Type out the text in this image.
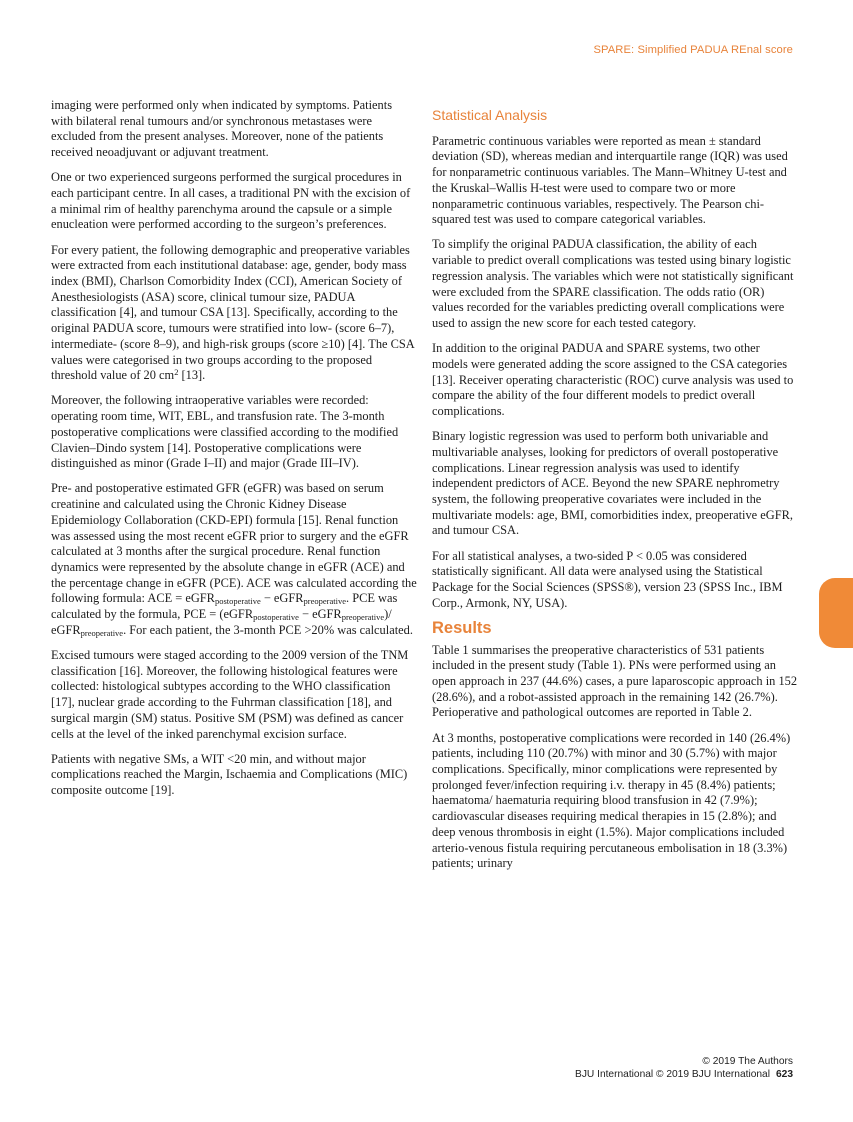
SPARE: Simplified PADUA REnal score

imaging were performed only when indicated by symptoms. Patients with bilateral renal tumours and/or synchronous metastases were excluded from the present analyses. Moreover, none of the patients received neoadjuvant or adjuvant treatment.

One or two experienced surgeons performed the surgical procedures in each participant centre. In all cases, a traditional PN with the excision of a minimal rim of healthy parenchyma around the capsule or a simple enucleation were performed according to the surgeon’s preferences.

For every patient, the following demographic and preoperative variables were extracted from each institutional database: age, gender, body mass index (BMI), Charlson Comorbidity Index (CCI), American Society of Anesthesiologists (ASA) score, clinical tumour size, PADUA classification [4], and tumour CSA [13]. Specifically, according to the original PADUA score, tumours were stratified into low- (score 6–7), intermediate- (score 8–9), and high-risk groups (score ≥10) [4]. The CSA values were categorised in two groups according to the proposed threshold value of 20 $cm^2$ [13].

Moreover, the following intraoperative variables were recorded: operating room time, WIT, EBL, and transfusion rate. The 3-month postoperative complications were classified according to the modified Clavien–Dindo system [14]. Postoperative complications were distinguished as minor (Grade I–II) and major (Grade III–IV).

Pre- and postoperative estimated GFR (eGFR) was based on serum creatinine and calculated using the Chronic Kidney Disease Epidemiology Collaboration (CKD-EPI) formula [15]. Renal function was assessed using the most recent eGFR prior to surgery and the eGFR calculated at 3 months after the surgical procedure. Renal function dynamics were represented by the absolute change in eGFR (ACE) and the percentage change in eGFR (PCE). ACE was calculated according the following formula: ACE = eGFR$_{postoperative}$ − eGFR$_{preoperative}$. PCE was calculated by the formula, PCE = (eGFR$_{postoperative}$ − eGFR$_{preoperative}$)/ eGFR$_{preoperative}$. For each patient, the 3-month PCE >20% was calculated.

Excised tumours were staged according to the 2009 version of the TNM classification [16]. Moreover, the following histological features were collected: histological subtypes according to the WHO classification [17], nuclear grade according to the Fuhrman classification [18], and surgical margin (SM) status. Positive SM (PSM) was defined as cancer cells at the level of the inked parenchymal excision surface.

Patients with negative SMs, a WIT <20 min, and without major complications reached the Margin, Ischaemia and Complications (MIC) composite outcome [19].

Statistical Analysis

Parametric continuous variables were reported as mean ± standard deviation (SD), whereas median and interquartile range (IQR) was used for nonparametric continuous variables. The Mann–Whitney U-test and the Kruskal–Wallis H-test were used to compare two or more nonparametric continuous variables, respectively. The Pearson chi-squared test was used to compare categorical variables.

To simplify the original PADUA classification, the ability of each variable to predict overall complications was tested using binary logistic regression analysis. The variables which were not statistically significant were excluded from the SPARE classification. The odds ratio (OR) values recorded for the variables predicting overall complications were used to assign the new score for each tested category.

In addition to the original PADUA and SPARE systems, two other models were generated adding the score assigned to the CSA categories [13]. Receiver operating characteristic (ROC) curve analysis was used to compare the ability of the four different models to predict overall complications.

Binary logistic regression was used to perform both univariable and multivariable analyses, looking for predictors of overall postoperative complications. Linear regression analysis was used to identify independent predictors of ACE. Beyond the new SPARE nephrometry system, the following preoperative covariates were included in the multivariate models: age, BMI, comorbidities index, preoperative eGFR, and tumour CSA.

For all statistical analyses, a two-sided P < 0.05 was considered statistically significant. All data were analysed using the Statistical Package for the Social Sciences (SPSS®), version 23 (SPSS Inc., IBM Corp., Armonk, NY, USA).

Results

Table 1 summarises the preoperative characteristics of 531 patients included in the present study (Table 1). PNs were performed using an open approach in 237 (44.6%) cases, a pure laparoscopic approach in 152 (28.6%), and a robot-assisted approach in the remaining 142 (26.7%). Perioperative and pathological outcomes are reported in Table 2.

At 3 months, postoperative complications were recorded in 140 (26.4%) patients, including 110 (20.7%) with minor and 30 (5.7%) with major complications. Specifically, minor complications were represented by prolonged fever/infection requiring i.v. therapy in 45 (8.4%) patients; haematoma/ haematuria requiring blood transfusion in 42 (7.9%); cardiovascular diseases requiring medical therapies in 15 (2.8%); and deep venous thrombosis in eight (1.5%). Major complications included arterio-venous fistula requiring percutaneous embolisation in 18 (3.3%) patients; urinary

© 2019 The Authors
BJU International © 2019 BJU International 623
